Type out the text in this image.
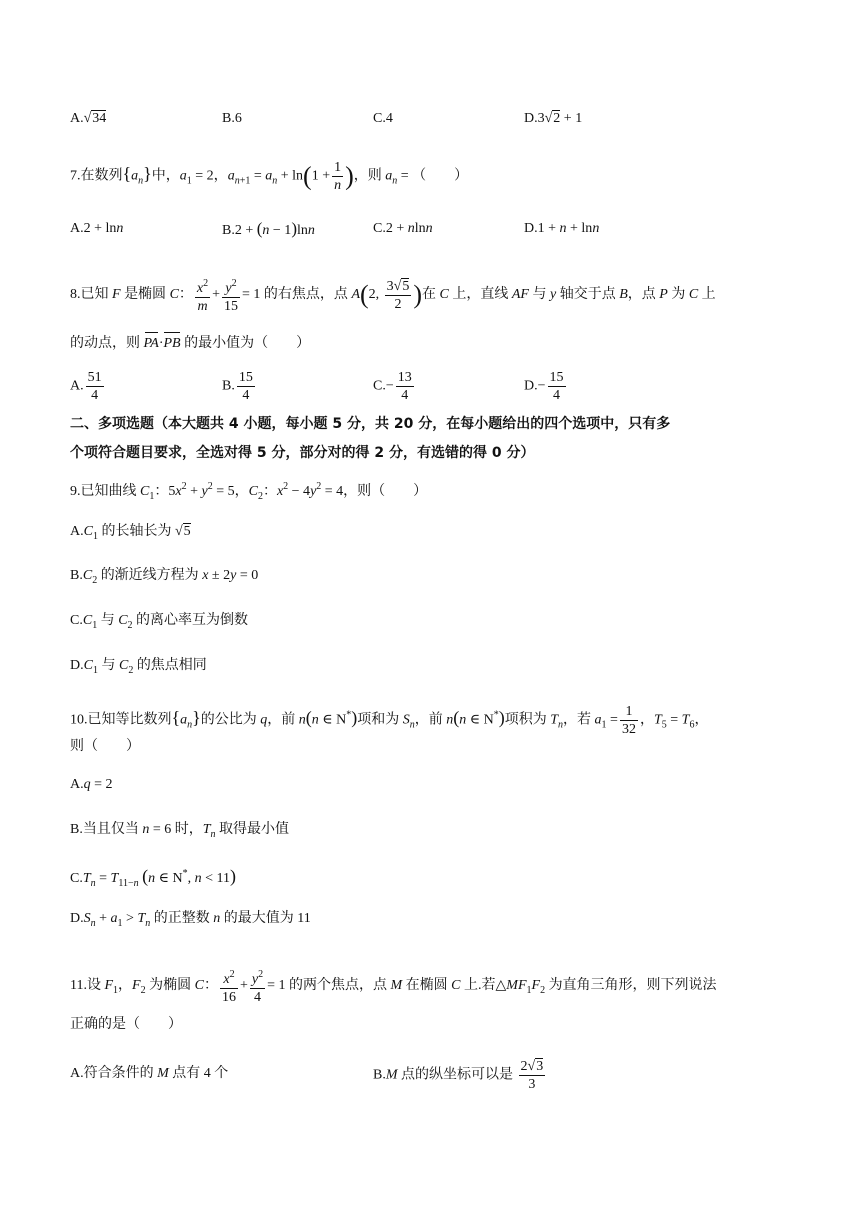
A.√34	B.6	C.4	D.3√2 + 1
7.在数列$\{a_n\}$中，$a_1 = 2$，$a_{n+1} = a_n + \ln(1 + \frac{1}{n}$ )，则 $a_n$ = （　　）
A.2 + lnn	B.2 + (n − 1)lnn	C.2 + nlnn	D.1 + n + lnn
8.已知 F 是椭圆 C： $\frac{x^2}{m} + \frac{y^2}{15} = 1$ 的右焦点，点 A(2, $\frac{3√5}{2}$ )在 C 上，直线 AF 与 y 轴交于点 B，点 P 为 C 上
的动点，则 PA·PB 的最小值为（　　）
A. $\frac{51}{4}$	B. $\frac{15}{4}$	$C.- \frac{13}{4}$	$D.- \frac{15}{4}$
二、多项选题（本大题共 4 小题，每小题 5 分，共 20 分，在每小题给出的四个选项中，只有多
个项符合题目要求，全选对得 5 分，部分对的得 2 分，有选错的得 0 分）
9.已知曲线 $C_1$：$5x^2 + y^2 = 5$，$C_2$：$x^2 - 4y^2 = 4$，则（　　）
$A.C_1$ 的长轴长为 √5
$B.C_2$ 的渐近线方程为 x ± 2y = 0
$C.C_1$ 与 $C_2$ 的离心率互为倒数
$D.C_1$ 与 $C_2$ 的焦点相同
10.已知等比数列$\{a_n\}$的公比为 q，前 n(n ∈ N*)项和为 $S_n$，前 n(n ∈ N*)项积为 $T_n$，若 $a_1 = \frac{1}{32}$ ，$T_5 = T_6$，
则（　　）
A.q = 2
B.当且仅当 n = 6 时，$T_n$ 取得最小值
$C.T_n = T_{11-n}$ (n ∈ N*, n < 11)
$D.S_n + a_1 > T_n$ 的正整数 n 的最大值为 11
11.设 $F_1$，$F_2$ 为椭圆 C： $\frac{x^2}{16} + \frac{y^2}{4} = 1$ 的两个焦点，点 M 在椭圆 C 上.若$\triangle MF_1F_2$ 为直角三角形，则下列说法
正确的是（　　）
A.符合条件的 M 点有 4 个	B.M 点的纵坐标可以是 $\frac{2√3}{3}$
